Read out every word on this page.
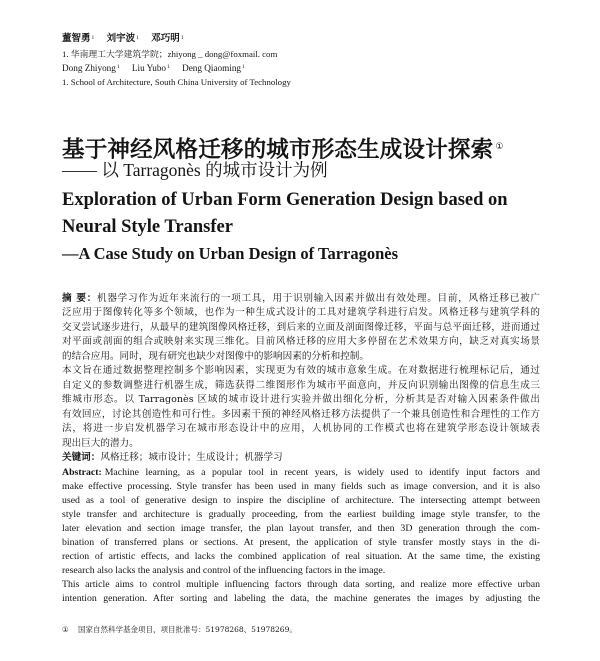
董智勇$^1$ 刘宇波$^1$ 邓巧明$^1$
1. 华南理工大学建筑学院；zhiyong _ dong@foxmail. com
Dong Zhiyong$^1$ Liu Yubo$^1$ Deng Qiaoming$^1$
1. School of Architecture, South China University of Technology
基于神经风格迁移的城市形态生成设计探索 ①
—— 以 Tarragonès 的城市设计为例
Exploration of Urban Form Generation Design based on
Neural Style Transfer
—A Case Study on Urban Design of Tarragonès
摘 要：机器学习作为近年来流行的一项工具，用于识别输入因素并做出有效处理。目前，风格迁移已被广
泛应用于图像转化等多个领域，也作为一种生成式设计的工具对建筑学科进行启发。风格迁移与建筑学科的
交叉尝试逐步进行，从最早的建筑图像风格迁移，到后来的立面及剖面图像迁移，平面与总平面迁移，进而通过
对平面或剖面的组合或映射来实现三维化。目前风格迁移的应用大多停留在艺术效果方向，缺乏对真实场景
的结合应用。同时，现有研究也缺少对图像中的影响因素的分析和控制。
本文旨在通过数据整理控制多个影响因素，实现更为有效的城市意象生成。在对数据进行梳理标记后，通过
自定义的参数调整进行机器生成，筛选获得二维图形作为城市平面意向，并反向识别输出图像的信息生成三
维城市形态。以 Tarragonès 区域的城市设计进行实验并做出细化分析，分析其是否对输入因素条件做出
有效回应，讨论其创造性和可行性。多因素干预的神经风格迁移方法提供了一个兼具创造性和合理性的工作方
法，将进一步启发机器学习在城市形态设计中的应用，人机协同的工作模式也将在建筑学形态设计领域表
现出巨大的潜力。
关键词：风格迁移；城市设计；生成设计；机器学习
Abstract: Machine learning, as a popular tool in recent years, is widely used to identify input factors and
make effective processing. Style transfer has been used in many fields such as image conversion, and it is also
used as a tool of generative design to inspire the discipline of architecture. The intersecting attempt between
style transfer and architecture is gradually proceeding, from the earliest building image style transfer, to the
later elevation and section image transfer, the plan layout transfer, and then 3D generation through the com-
bination of transferred plans or sections. At present, the application of style transfer mostly stays in the di-
rection of artistic effects, and lacks the combined application of real situation. At the same time, the existing
research also lacks the analysis and control of the influencing factors in the image.
This article aims to control multiple influencing factors through data sorting, and realize more effective urban
intention generation. After sorting and labeling the data, the machine generates the images by adjusting the
① 国家自然科学基金项目，项目批准号：51978268、51978269。
